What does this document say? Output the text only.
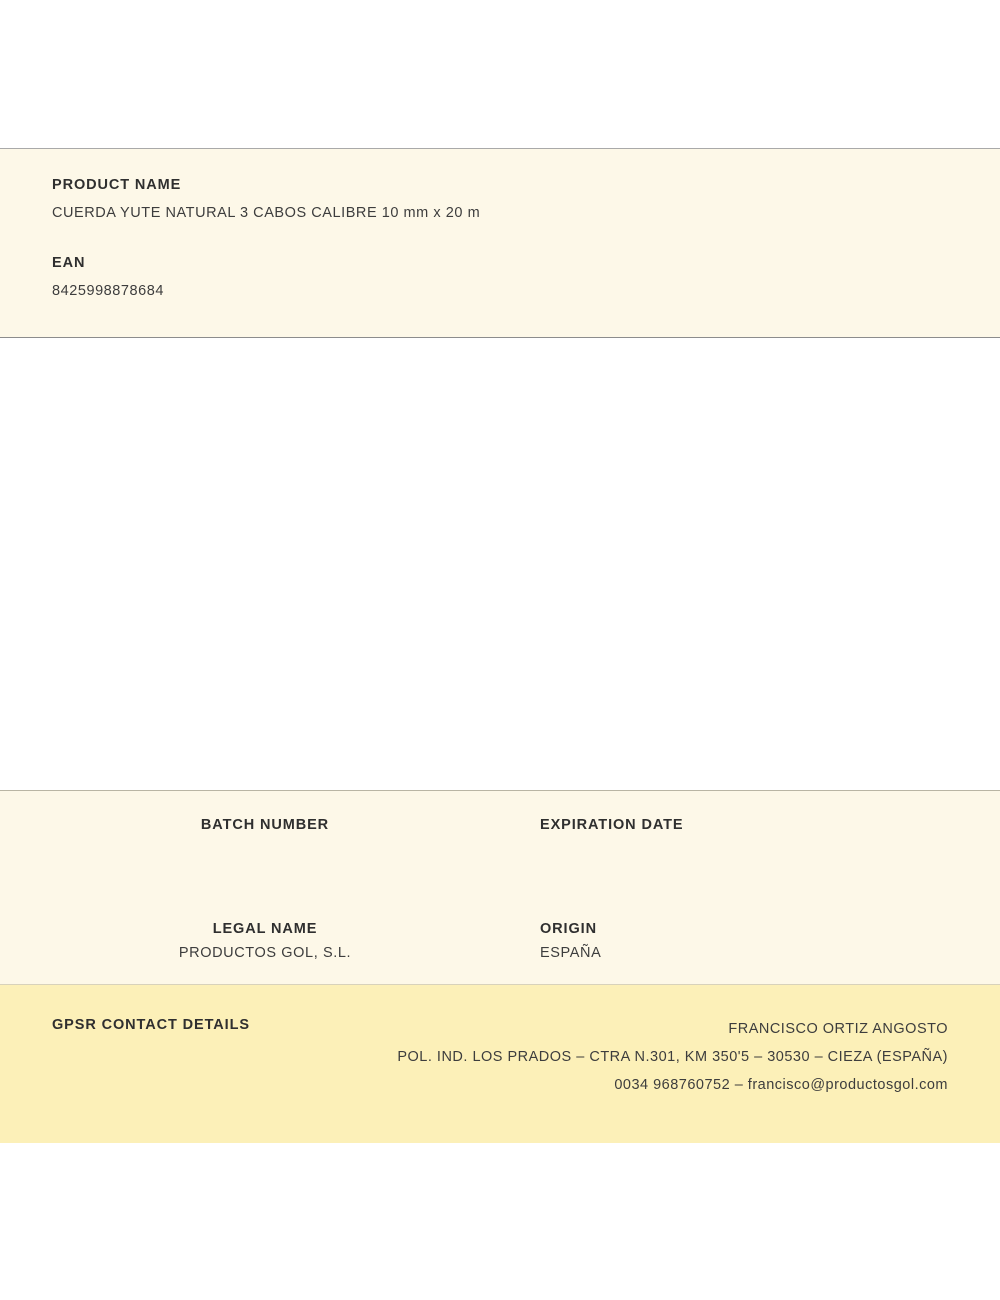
PRODUCT NAME

CUERDA YUTE NATURAL 3 CABOS CALIBRE 10 mm x 20 m

EAN

8425998878684

BATCH NUMBER	EXPIRATION DATE

LEGAL NAME

PRODUCTOS GOL, S.L.

ORIGIN

ESPAÑA

GPSR CONTACT DETAILS	FRANCISCO ORTIZ ANGOSTO
POL. IND. LOS PRADOS – CTRA N.301, KM 350'5 – 30530 – CIEZA (ESPAÑA)
0034 968760752 – francisco@productosgol.com
